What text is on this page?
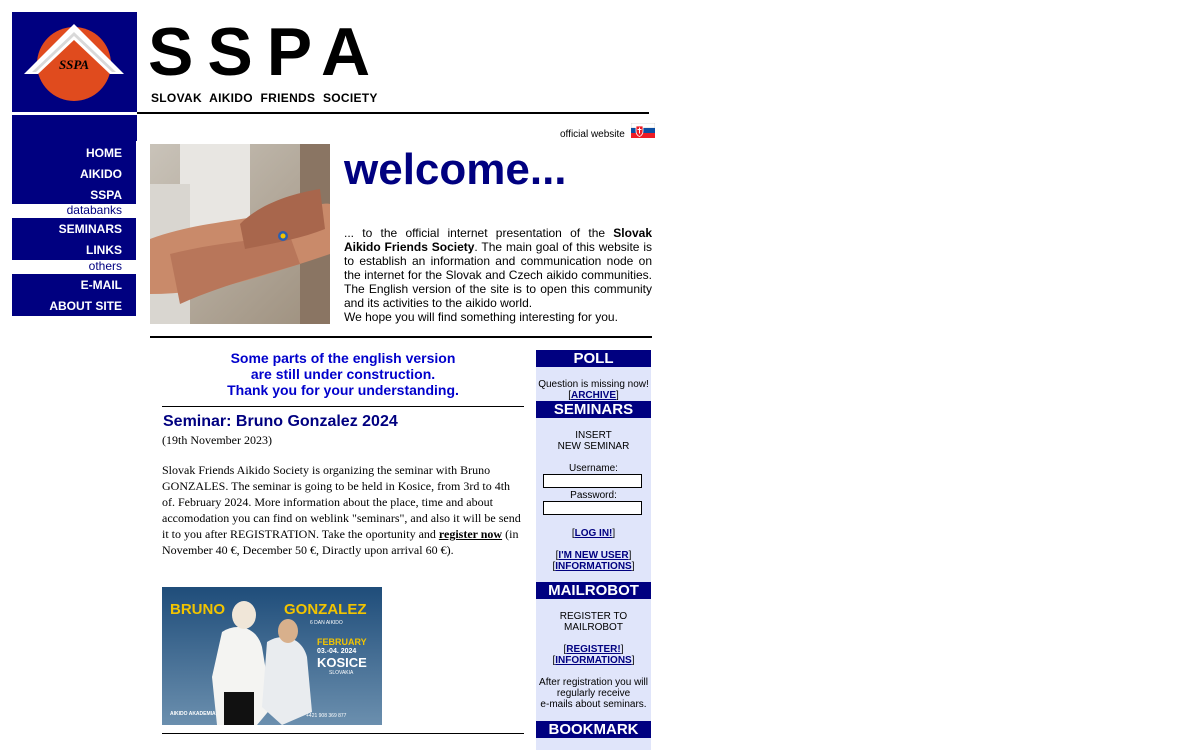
SSPA SSPA
SLOVAK AIKIDO FRIENDS SOCIETY
HOME
AIKIDO
SSPA
databanks
SEMINARS
LINKS
others
E-MAIL
ABOUT SITE
official website
welcome...
... to the official internet presentation of the Slovak Aikido Friends Society. The main goal of this website is to establish an information and communication node on the internet for the Slovak and Czech aikido communities. The English version of the site is to open this community and its activities to the aikido world.
We hope you will find something interesting for you.
Some parts of the english version
are still under construction.
Thank you for your understanding.
Seminar: Bruno Gonzalez 2024
(19th November 2023)
Slovak Friends Aikido Society is organizing the seminar with Bruno GONZALES. The seminar is going to be held in Kosice, from 3rd to 4th of. February 2024. More information about the place, time and about accomodation you can find on weblink "seminars", and also it will be send it to you after REGISTRATION. Take the oportunity and register now (in November 40 €, December 50 €, Diractly upon arrival 60 €).
BRUNO	GONZALEZ
6 DAN AIKIDO
FEBRUARY
03.-04. 2024
KOSICE
SLOVAKIA
AIKIDO AKADEMIA	+421 908 369 877
POLL
Question is missing now!
[ARCHIVE]
SEMINARS
INSERT
NEW SEMINAR
Username:
Password:
[LOG IN!]
[I'M NEW USER]
[INFORMATIONS]
MAILROBOT
REGISTER TO
MAILROBOT
[REGISTER!]
[INFORMATIONS]
After registration you will
regularly receive
e-mails about seminars.
BOOKMARK
